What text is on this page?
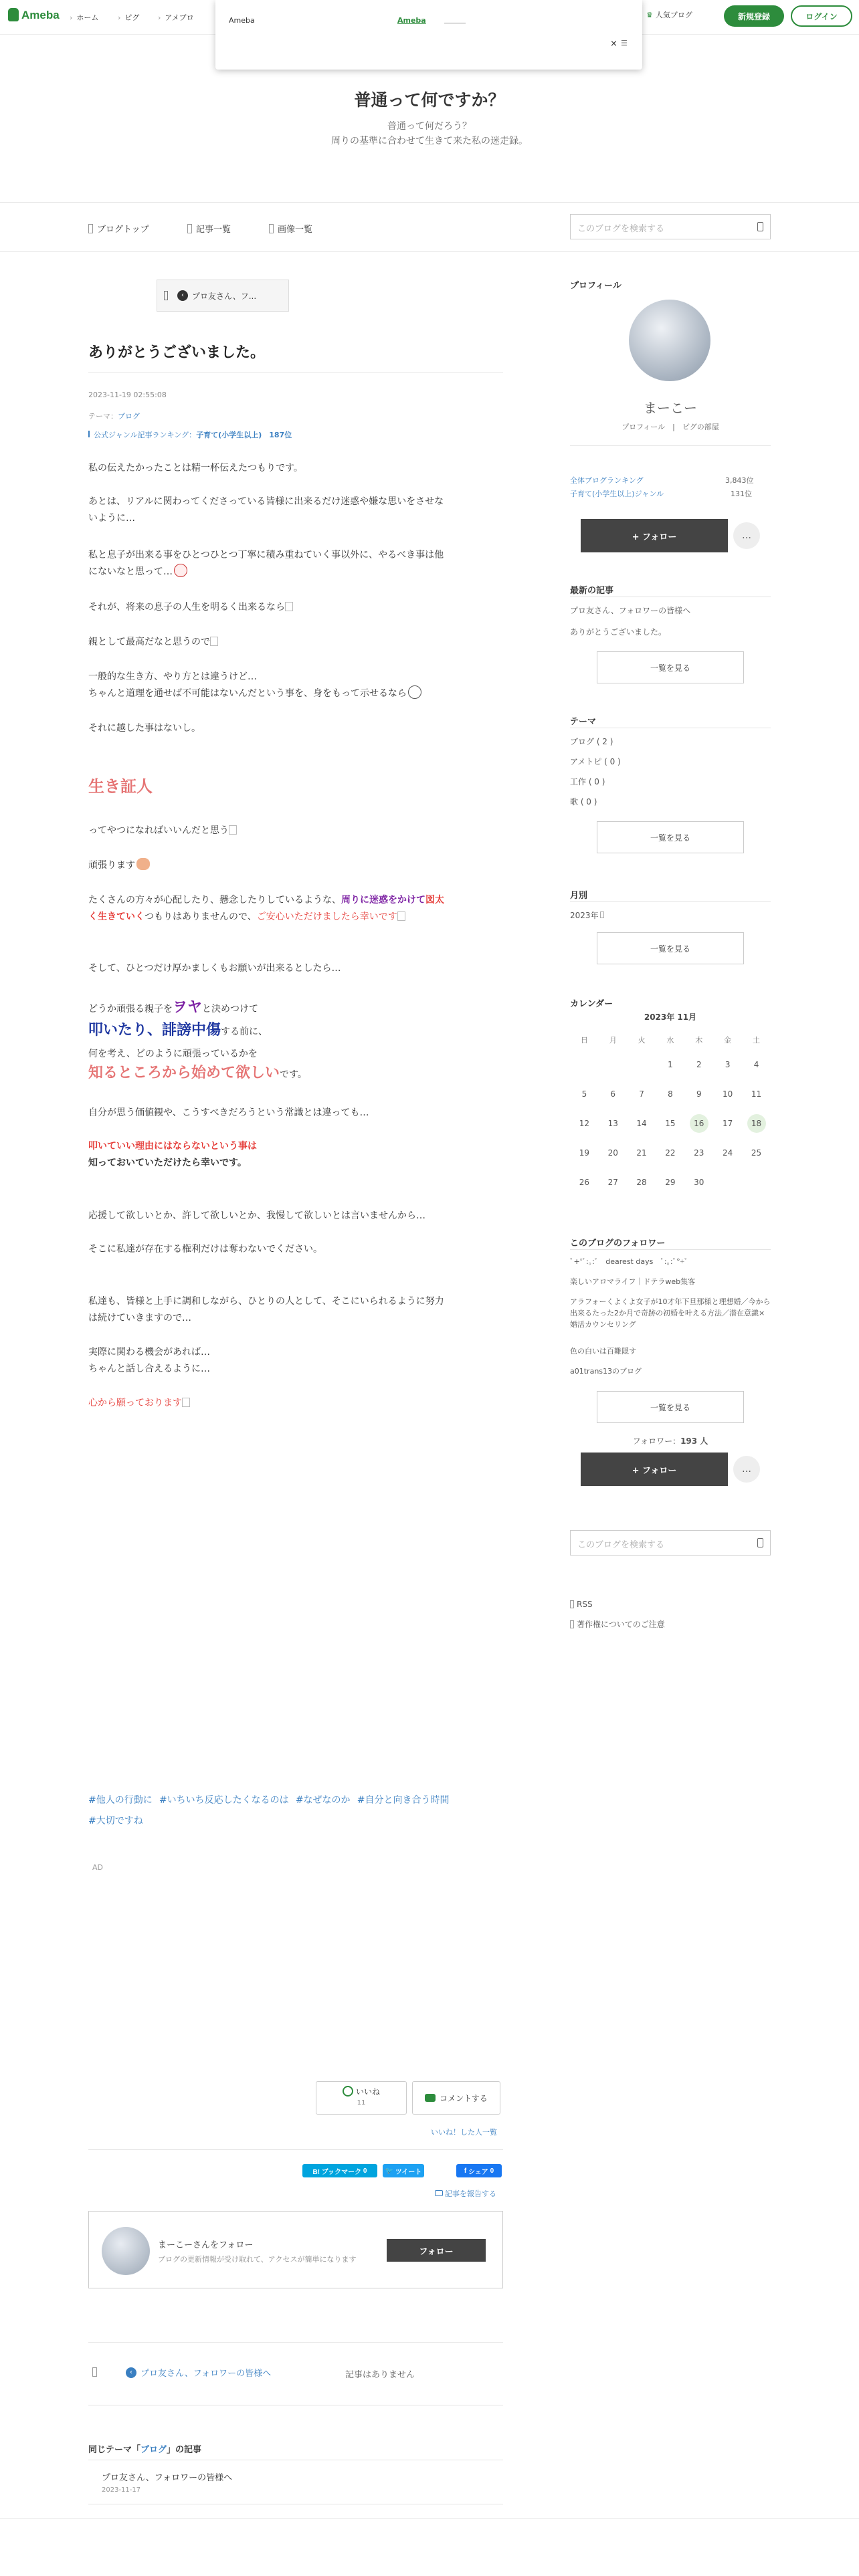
Ameba	› ホーム	› ピグ	› アメブロ	♛ 人気ブログ	新規登録	ログイン
Ameba	Ameba
× ☰
普通って何ですか？
普通って何だろう？
周りの基準に合わせて生きて来た私の迷走録。
ブログトップ	記事一覧	画像一覧	このブログを検索する
‹	プロ友さん、フ...
ありがとうございました。
2023-11-19 02:55:08
テーマ：ブログ
公式ジャンル記事ランキング：子育て(小学生以上)　187位
私の伝えたかったことは精一杯伝えたつもりです。
あとは、リアルに関わってくださっている皆様に出来るだけ迷惑や嫌な思いをさせな
いように…
私と息子が出来る事をひとつひとつ丁寧に積み重ねていく事以外に、やるべき事は他
にないなと思って…
それが、将来の息子の人生を明るく出来るなら
親として最高だなと思うので
一般的な生き方、やり方とは違うけど…
ちゃんと道理を通せば不可能はないんだという事を、身をもって示せるなら
それに越した事はないし。
生き証人
ってやつになればいいんだと思う
頑張ります
たくさんの方々が心配したり、懸念したりしているような、周りに迷惑をかけて図太
く生きていくつもりはありませんので、ご安心いただけましたら幸いです
そして、ひとつだけ厚かましくもお願いが出来るとしたら…
どうか頑張る親子をヲヤと決めつけて
叩いたり、誹謗中傷する前に、
何を考え、どのように頑張っているかを
知るところから始めて欲しいです。
自分が思う価値観や、こうすべきだろうという常識とは違っても…
叩いていい理由にはならないという事は
知っておいていただけたら幸いです。
応援して欲しいとか、許して欲しいとか、我慢して欲しいとは言いませんから…
そこに私達が存在する権利だけは奪わないでください。
私達も、皆様と上手に調和しながら、ひとりの人として、そこにいられるように努力
は続けていきますので…
実際に関わる機会があれば…
ちゃんと話し合えるように…
心から願っております
#他人の行動に #いちいち反応したくなるのは #なぜなのか #自分と向き合う時間
#大切ですね
AD
いいね
11	コメントする
いいね！した人一覧
B! ブックマーク
0	🐦
ツイート	f
シェア
0
記事を報告する
まーこーさんをフォロー
ブログの更新情報が受け取れて、アクセスが簡単になります
フォロー
‹ プロ友さん、フォロワーの皆様へ	記事はありません
同じテーマ「ブログ」の記事
プロ友さん、フォロワーの皆様へ
2023-11-17
プロフィール
まーこー
プロフィール　|　ピグの部屋
全体ブログランキング	3,843位
子育て(小学生以上)ジャンル	131位
+ フォロー	…
最新の記事
プロ友さん、フォロワーの皆様へ
ありがとうございました。
一覧を見る
テーマ
ブログ ( 2 )
アメトピ ( 0 )
工作 ( 0 )
歌 ( 0 )
一覧を見る
月別
2023年
一覧を見る
カレンダー
2023年 11月
日	月	火	水	木	金	土
			1	2	3	4
5	6	7	8	9	10	11
12	13	14	15	16	17	18
19	20	21	22	23	24	25
26	27	28	29	30		
このブログのフォロワー
ﾟ+°ﾟ:｡:ﾟ　dearest days　ﾟ:｡:ﾟ°+ﾟ
楽しいアロマライフ｜ドテラweb集客
アラフォーくよくよ女子が10才年下旦那様と理想婚／今から出来るたった2か月で奇跡の初婚を叶える方法／潜在意識×婚活カウンセリング
色の白いは百難隠す
a01trans13のブログ
一覧を見る
フォロワー：193 人
+ フォロー	…
このブログを検索する
RSS
著作権についてのご注意
